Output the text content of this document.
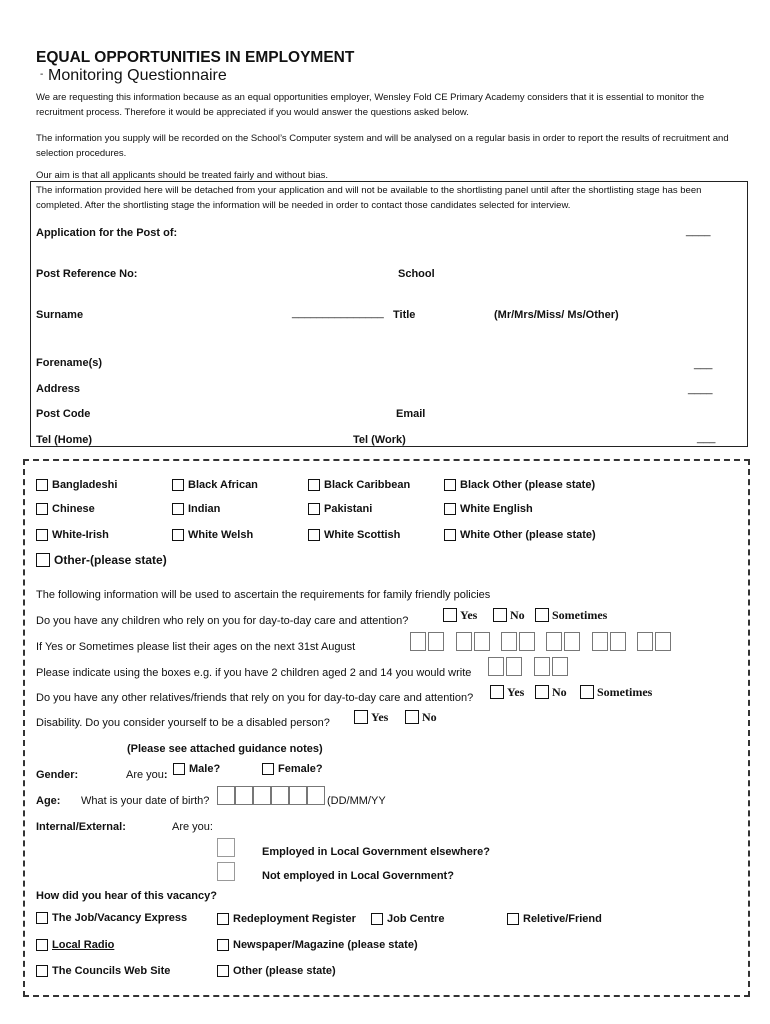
EQUAL OPPORTUNITIES IN EMPLOYMENT
- Monitoring Questionnaire
We are requesting this information because as an equal opportunities employer, Wensley Fold CE Primary Academy considers that it is essential to monitor the recruitment process. Therefore it would be appreciated if you would answer the questions asked below.
The information you supply will be recorded on the School’s Computer system and will be analysed on a regular basis in order to report the results of recruitment and selection procedures.
Our aim is that all applicants should be treated fairly and without bias.
The information provided here will be detached from your application and will not be available to the shortlisting panel until after the shortlisting stage has been completed. After the shortlisting stage the information will be needed in order to contact those candidates selected for interview.
Application for the Post of:	____
Post Reference No:	School
Surname	_______________ Title	(Mr/Mrs/Miss/ Ms/Other)
Forename(s)	___
Address	____
Post Code	Email
Tel (Home)	Tel (Work)	___
Bangladeshi	Black African	Black Caribbean	Black Other (please state)
Chinese	Indian	Pakistani	White English
White-Irish	White Welsh	White Scottish	White Other (please state)
Other-(please state)
The following information will be used to ascertain the requirements for family friendly policies
Do you have any children who rely on you for day-to-day care and attention?	Yes	No	Sometimes
If Yes or Sometimes please list their ages on the next 31st August
Please indicate using the boxes e.g. if you have 2 children aged 2 and 14 you would write
Do you have any other relatives/friends that rely on you for day-to-day care and attention?	Yes	No	Sometimes
Disability. Do you consider yourself to be a disabled person?	Yes	No
(Please see attached guidance notes)
Gender:	Are you:
Male?	Female?
Age: What is your date of birth?	(DD/MM/YY
Internal/External:	Are you:
Employed in Local Government elsewhere?
Not employed in Local Government?
How did you hear of this vacancy?
The Job/Vacancy Express	Redeployment Register	Job Centre	Reletive/Friend
Local Radio	Newspaper/Magazine (please state)
The Councils Web Site	Other (please state)
